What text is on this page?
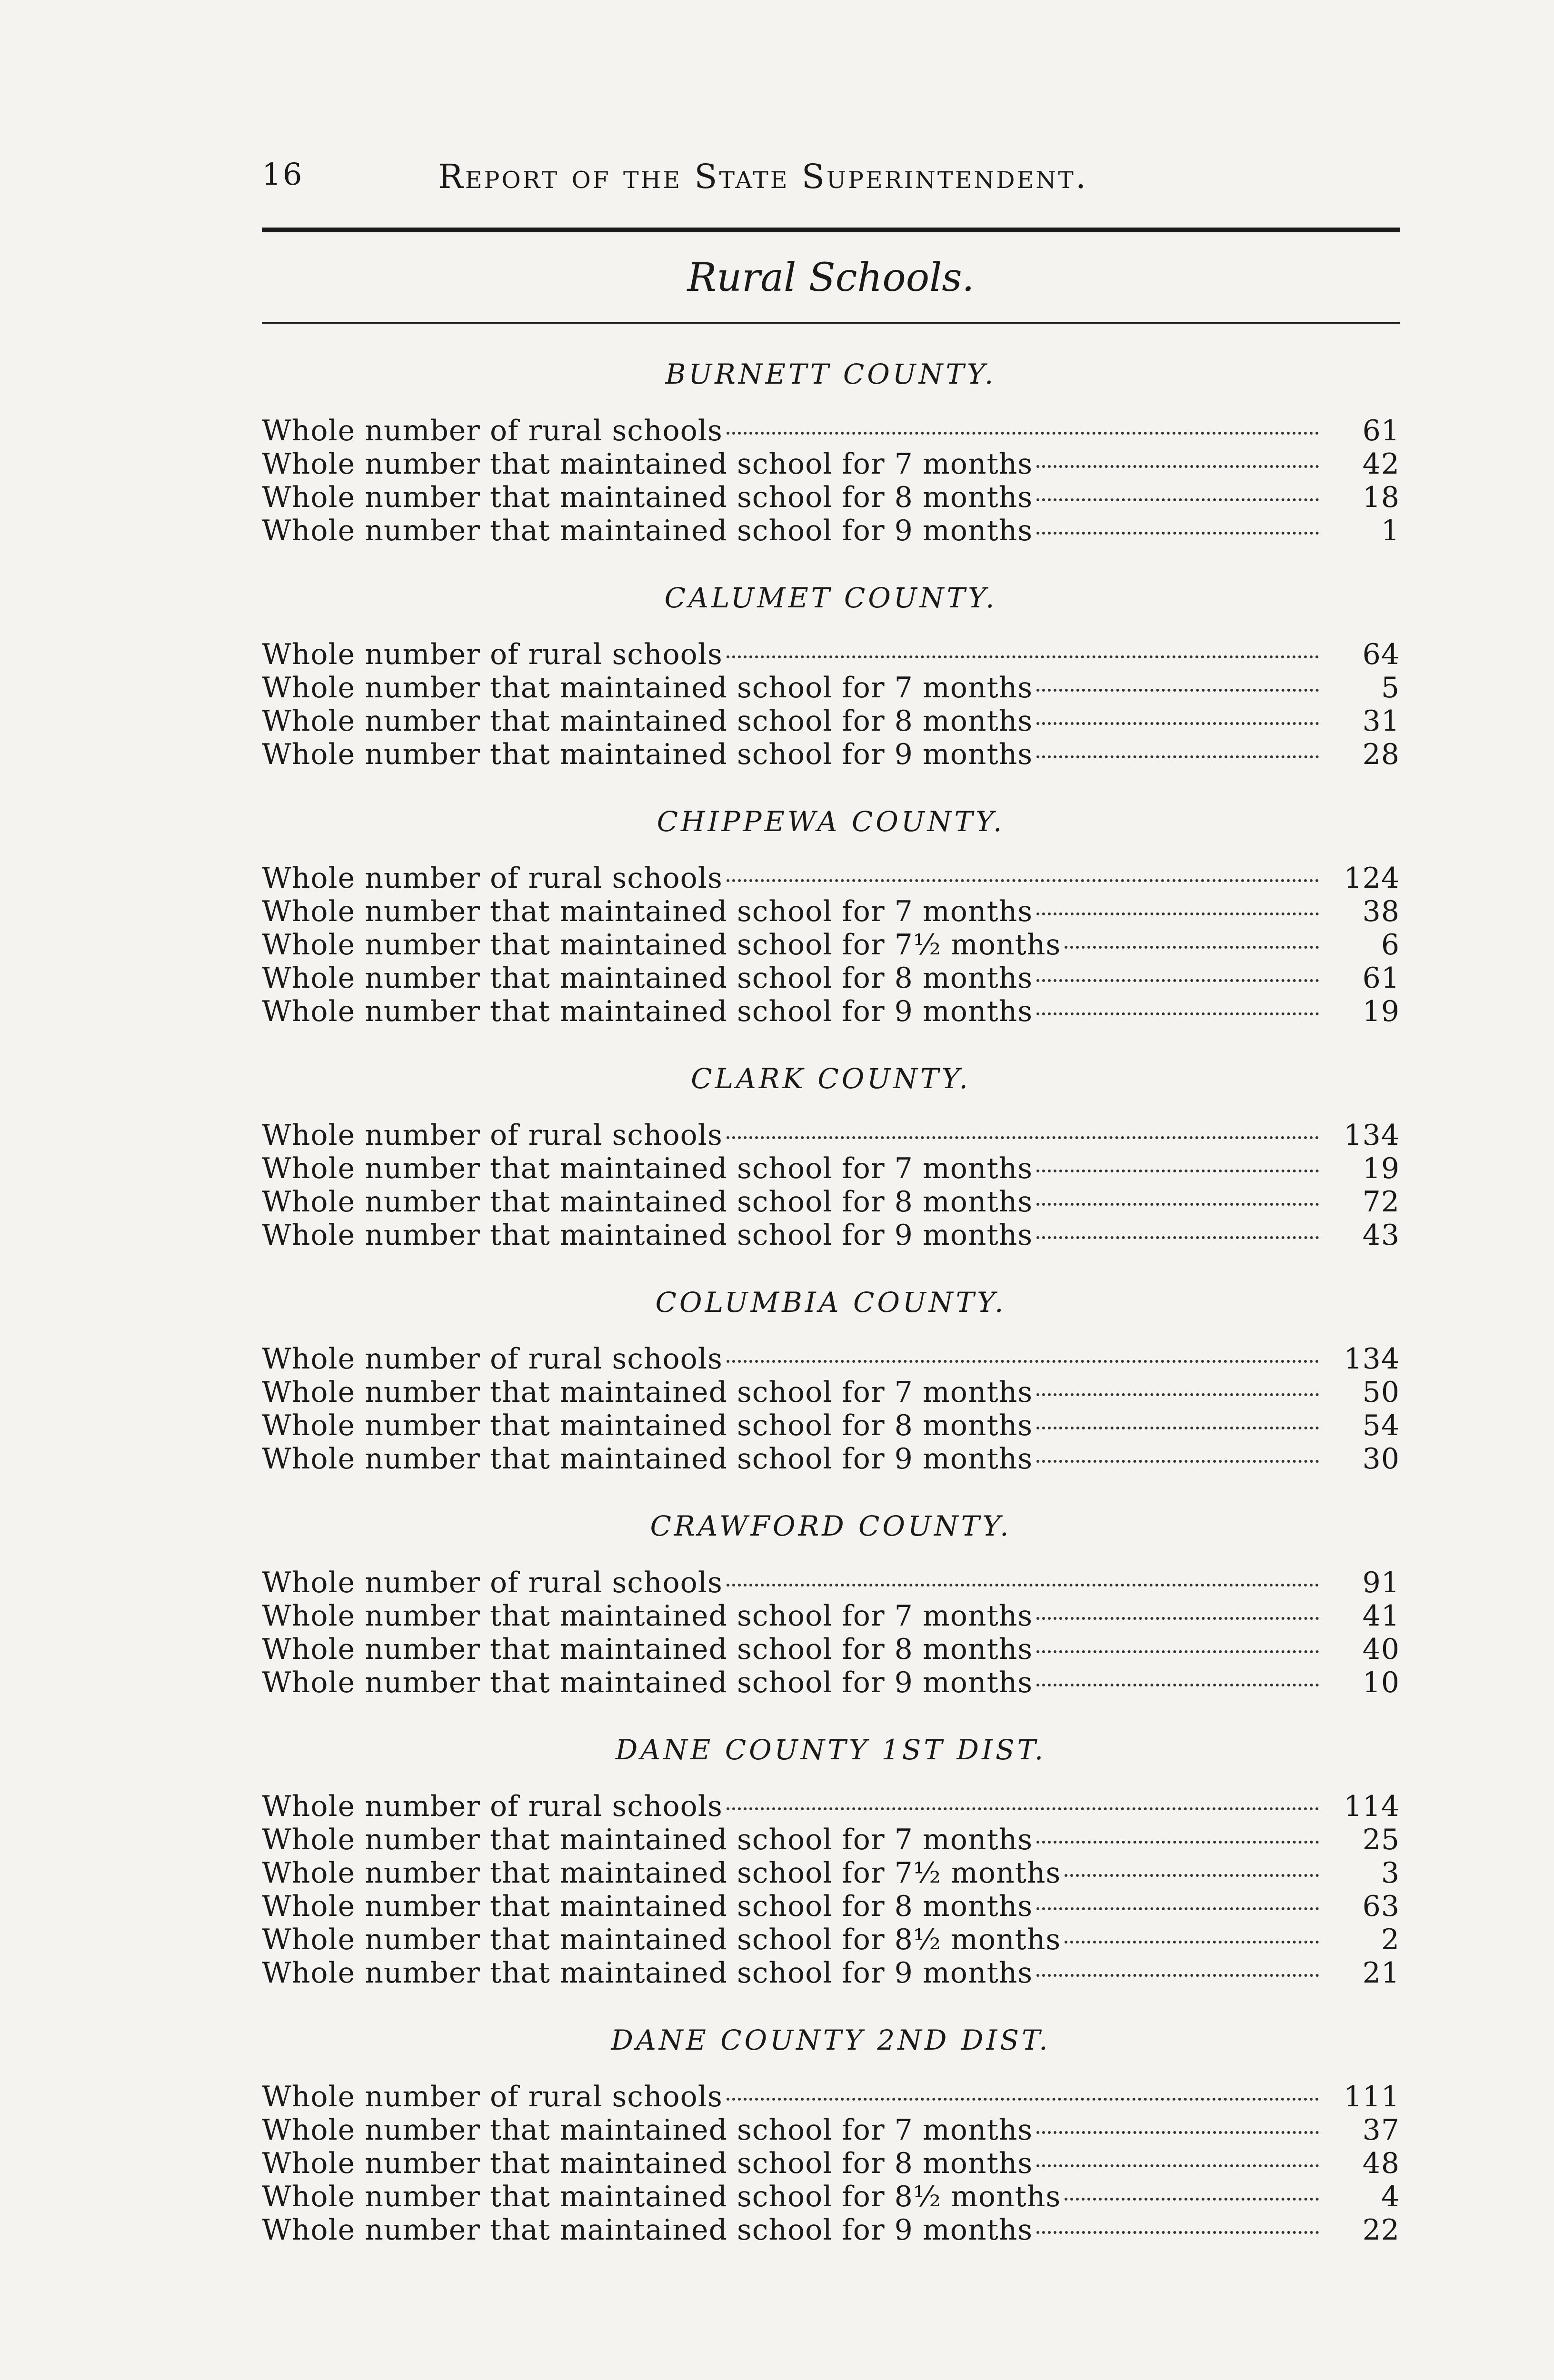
16	Report of the State Superintendent.
Rural Schools.
BURNETT COUNTY.
Whole number of rural schools	61
Whole number that maintained school for 7 months	42
Whole number that maintained school for 8 months	18
Whole number that maintained school for 9 months	1
CALUMET COUNTY.
Whole number of rural schools	64
Whole number that maintained school for 7 months	5
Whole number that maintained school for 8 months	31
Whole number that maintained school for 9 months	28
CHIPPEWA COUNTY.
Whole number of rural schools	124
Whole number that maintained school for 7 months	38
Whole number that maintained school for 7½ months	6
Whole number that maintained school for 8 months	61
Whole number that maintained school for 9 months	19
CLARK COUNTY.
Whole number of rural schools	134
Whole number that maintained school for 7 months	19
Whole number that maintained school for 8 months	72
Whole number that maintained school for 9 months	43
COLUMBIA COUNTY.
Whole number of rural schools	134
Whole number that maintained school for 7 months	50
Whole number that maintained school for 8 months	54
Whole number that maintained school for 9 months	30
CRAWFORD COUNTY.
Whole number of rural schools	91
Whole number that maintained school for 7 months	41
Whole number that maintained school for 8 months	40
Whole number that maintained school for 9 months	10
DANE COUNTY 1ST DIST.
Whole number of rural schools	114
Whole number that maintained school for 7 months	25
Whole number that maintained school for 7½ months	3
Whole number that maintained school for 8 months	63
Whole number that maintained school for 8½ months	2
Whole number that maintained school for 9 months	21
DANE COUNTY 2ND DIST.
Whole number of rural schools	111
Whole number that maintained school for 7 months	37
Whole number that maintained school for 8 months	48
Whole number that maintained school for 8½ months	4
Whole number that maintained school for 9 months	22
